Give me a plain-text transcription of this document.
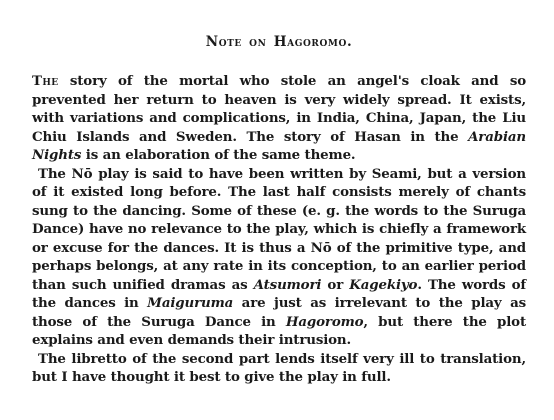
Note on Hagoromo.

The story of the mortal who stole an angel's cloak and so prevented her return to heaven is very widely spread. It exists, with variations and complications, in India, China, Japan, the Liu Chiu Islands and Sweden. The story of Hasan in the Arabian Nights is an elaboration of the same theme.

The Nō play is said to have been written by Seami, but a version of it existed long before. The last half consists merely of chants sung to the dancing. Some of these (e. g. the words to the Suruga Dance) have no relevance to the play, which is chiefly a framework or excuse for the dances. It is thus a Nō of the primitive type, and perhaps belongs, at any rate in its conception, to an earlier period than such unified dramas as Atsumori or Kagekiyo. The words of the dances in Maiguruma are just as irrelevant to the play as those of the Suruga Dance in Hagoromo, but there the plot explains and even demands their intrusion.

The libretto of the second part lends itself very ill to translation, but I have thought it best to give the play in full.
